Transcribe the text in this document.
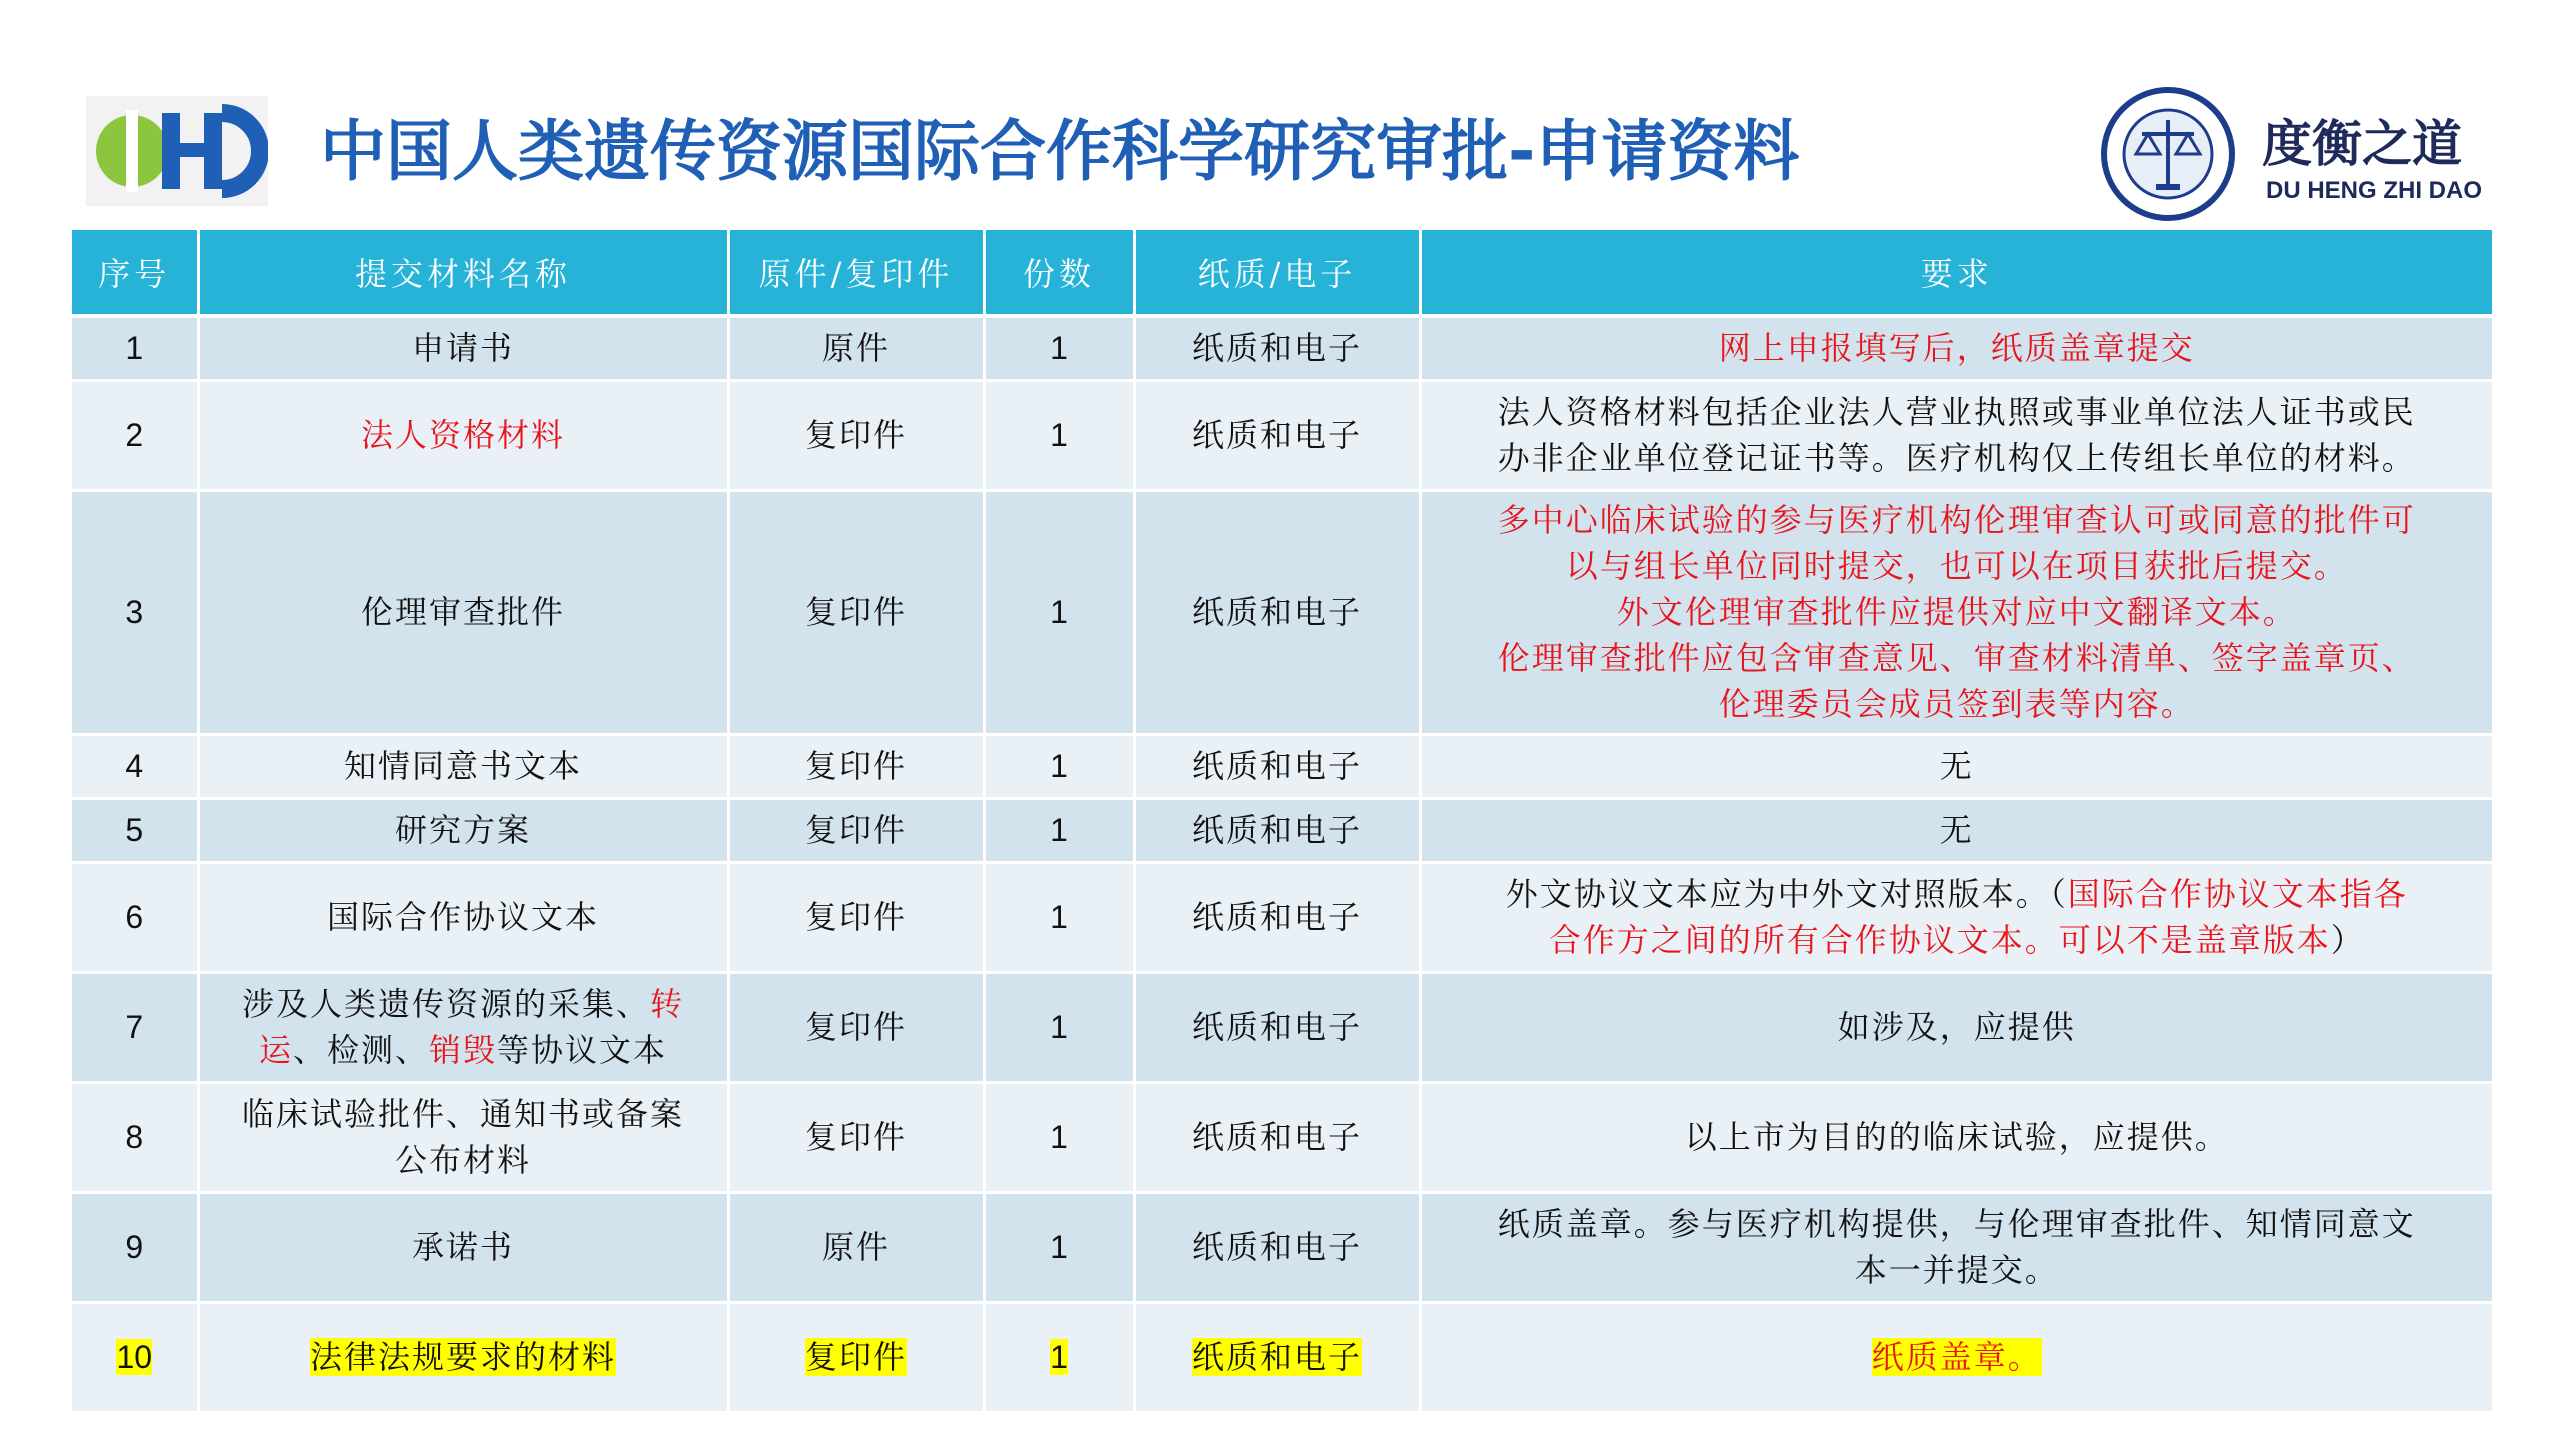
中国人类遗传资源国际合作科学研究审批-申请资料	度衡之道
DU HENG ZHI DAO
序号	提交材料名称	原件/复印件	份数	纸质/电子	要求
1	申请书	原件	1	纸质和电子	网上申报填写后，纸质盖章提交
2	法人资格材料	复印件	1	纸质和电子	法人资格材料包括企业法人营业执照或事业单位法人证书或民
办非企业单位登记证书等。医疗机构仅上传组长单位的材料。

3	伦理审查批件	复印件	1	纸质和电子	多中心临床试验的参与医疗机构伦理审查认可或同意的批件可
以与组长单位同时提交，也可以在项目获批后提交。
外文伦理审查批件应提供对应中文翻译文本。
伦理审查批件应包含审查意见、审查材料清单、签字盖章页、
伦理委员会成员签到表等内容。

4	知情同意书文本	复印件	1	纸质和电子	无
5	研究方案	复印件	1	纸质和电子	无
6	国际合作协议文本	复印件	1	纸质和电子	外文协议文本应为中外文对照版本。（国际合作协议文本指各
合作方之间的所有合作协议文本。可以不是盖章版本）
7	涉及人类遗传资源的采集、转
运、检测、销毁等协议文本	复印件	1	纸质和电子	如涉及，应提供
8	临床试验批件、通知书或备案
公布材料	复印件	1	纸质和电子	以上市为目的的临床试验，应提供。
9	承诺书	原件	1	纸质和电子	纸质盖章。参与医疗机构提供，与伦理审查批件、知情同意文
本一并提交。

10	法律法规要求的材料	复印件	1	纸质和电子	纸质盖章。
